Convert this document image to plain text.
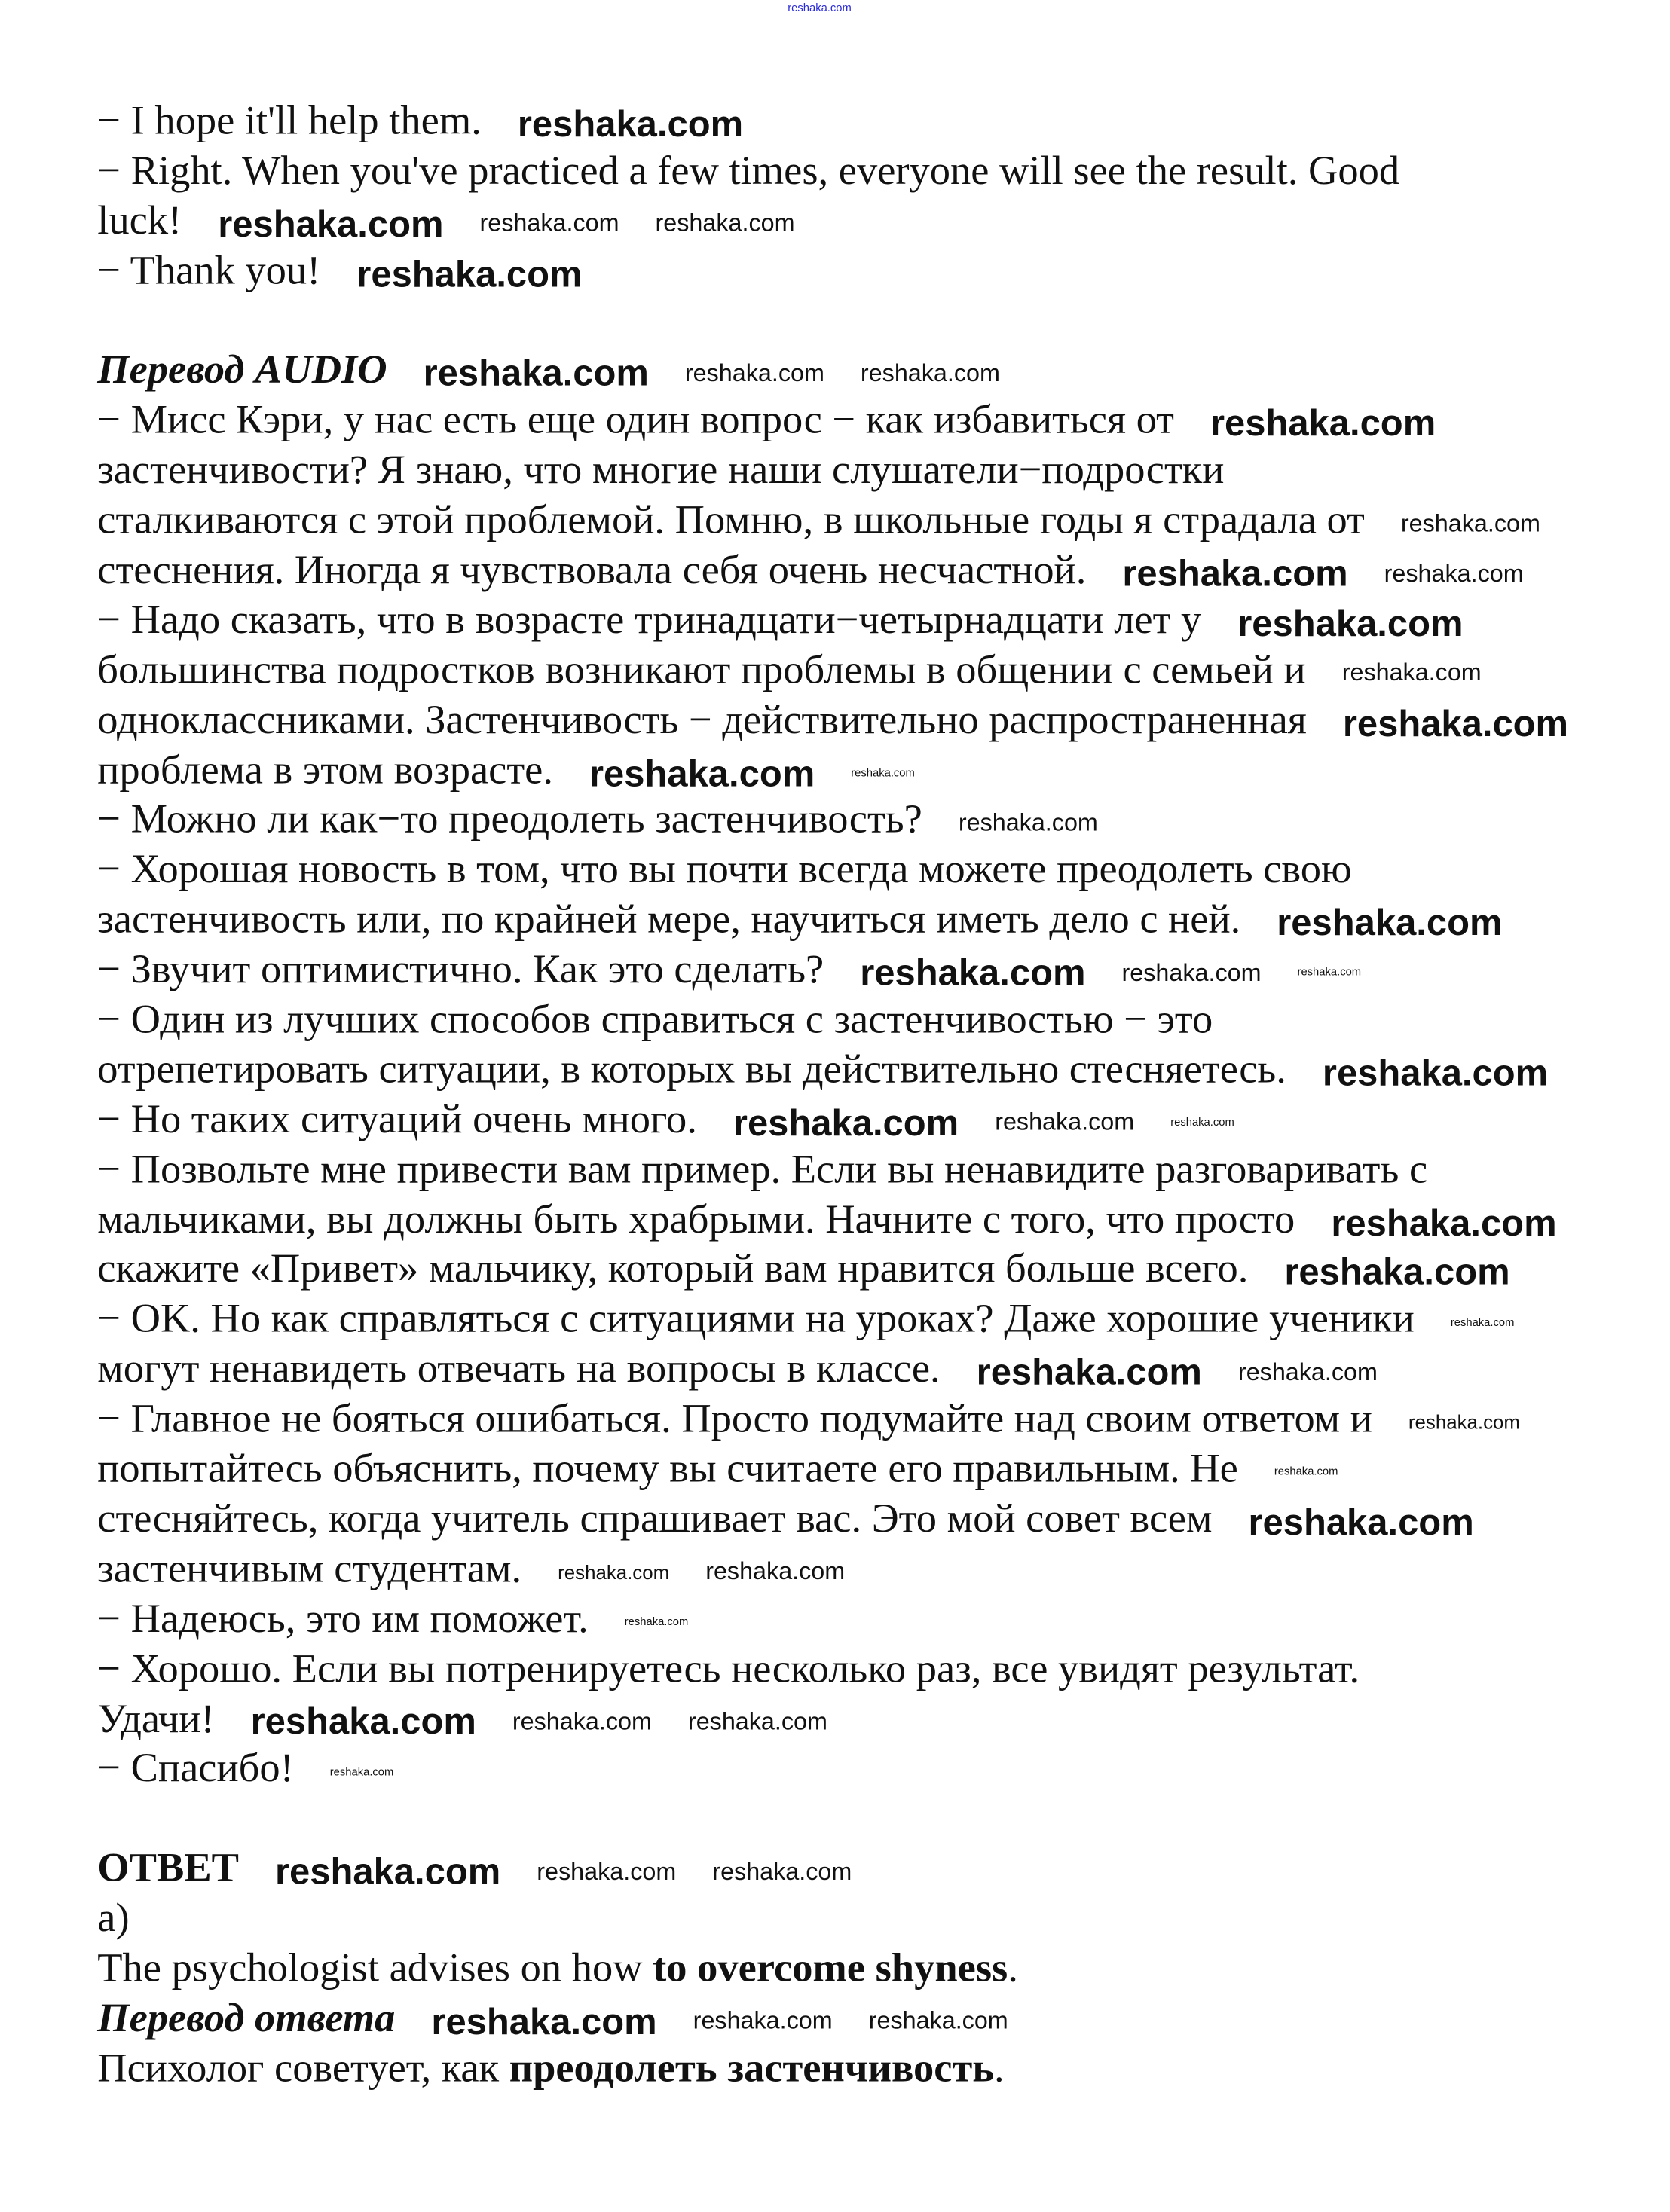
reshaka.com
− I hope it'll help them. reshaka.com
− Right. When you've practiced a few times, everyone will see the result. Good
luck! reshaka.com	reshaka.com	reshaka.com
− Thank you! reshaka.com
Перевод AUDIO reshaka.com	reshaka.com	reshaka.com
− Мисс Кэри, у нас есть еще один вопрос − как избавиться от reshaka.com
застенчивости? Я знаю, что многие наши слушатели−подростки
сталкиваются с этой проблемой. Помню, в школьные годы я страдала от	reshaka.com
стеснения. Иногда я чувствовала себя очень несчастной. reshaka.com	reshaka.com
− Надо сказать, что в возрасте тринадцати−четырнадцати лет у reshaka.com
большинства подростков возникают проблемы в общении с семьей и	reshaka.com
одноклассниками. Застенчивость − действительно распространенная reshaka.com
проблема в этом возрасте. reshaka.com	reshaka.com
− Можно ли как−то преодолеть застенчивость?	reshaka.com
− Хорошая новость в том, что вы почти всегда можете преодолеть свою
застенчивость или, по крайней мере, научиться иметь дело с ней. reshaka.com
− Звучит оптимистично. Как это сделать? reshaka.com	reshaka.com	reshaka.com
− Один из лучших способов справиться с застенчивостью − это
отрепетировать ситуации, в которых вы действительно стесняетесь. reshaka.com
− Но таких ситуаций очень много. reshaka.com	reshaka.com	reshaka.com
− Позвольте мне привести вам пример. Если вы ненавидите разговаривать с
мальчиками, вы должны быть храбрыми. Начните с того, что просто reshaka.com
скажите «Привет» мальчику, который вам нравится больше всего. reshaka.com
− OK. Но как справляться с ситуациями на уроках? Даже хорошие ученики	reshaka.com
могут ненавидеть отвечать на вопросы в классе. reshaka.com	reshaka.com
− Главное не бояться ошибаться. Просто подумайте над своим ответом и	reshaka.com
попытайтесь объяснить, почему вы считаете его правильным. Не	reshaka.com
стесняйтесь, когда учитель спрашивает вас. Это мой совет всем reshaka.com
застенчивым студентам.	reshaka.com	reshaka.com
− Надеюсь, это им поможет.	reshaka.com
− Хорошо. Если вы потренируетесь несколько раз, все увидят результат.
Удачи! reshaka.com	reshaka.com	reshaka.com
− Спасибо!	reshaka.com
ОТВЕТ reshaka.com	reshaka.com	reshaka.com
a)
The psychologist advises on how to overcome shyness.
Перевод ответа reshaka.com	reshaka.com	reshaka.com
Психолог советует, как преодолеть застенчивость.
